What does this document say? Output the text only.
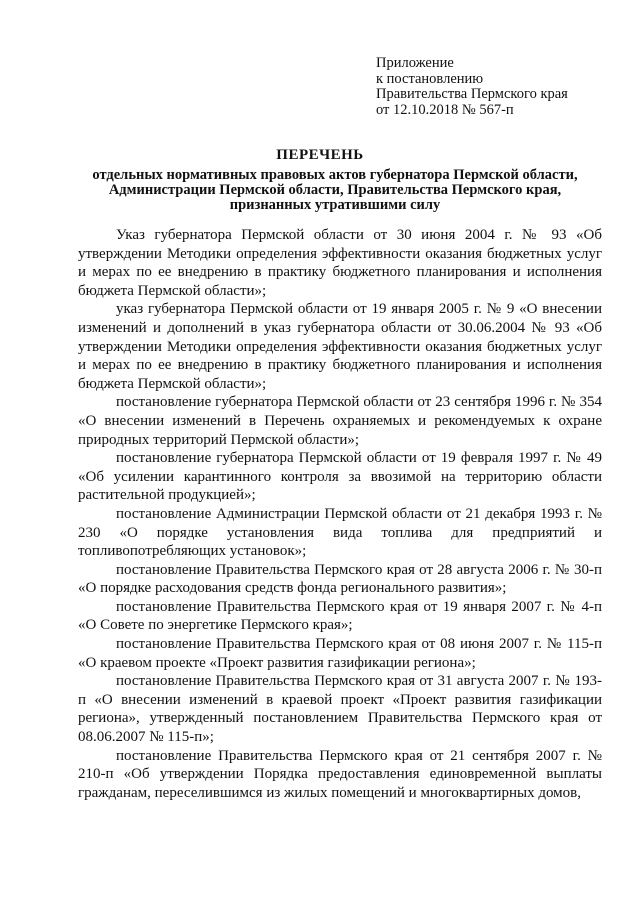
Приложение
к постановлению
Правительства Пермского края
от 12.10.2018 № 567-п
ПЕРЕЧЕНЬ
отдельных нормативных правовых актов губернатора Пермской области,
Администрации Пермской области, Правительства Пермского края,
признанных утратившими силу

Указ губернатора Пермской области от 30 июня 2004 г. № 93 «Об утверждении Методики определения эффективности оказания бюджетных услуг и мерах по ее внедрению в практику бюджетного планирования и исполнения бюджета Пермской области»;

указ губернатора Пермской области от 19 января 2005 г. № 9 «О внесении изменений и дополнений в указ губернатора области от 30.06.2004 № 93 «Об утверждении Методики определения эффективности оказания бюджетных услуг и мерах по ее внедрению в практику бюджетного планирования и исполнения бюджета Пермской области»;

постановление губернатора Пермской области от 23 сентября 1996 г. № 354 «О внесении изменений в Перечень охраняемых и рекомендуемых к охране природных территорий Пермской области»;

постановление губернатора Пермской области от 19 февраля 1997 г. № 49 «Об усилении карантинного контроля за ввозимой на территорию области растительной продукцией»;

постановление Администрации Пермской области от 21 декабря 1993 г. № 230 «О порядке установления вида топлива для предприятий и топливопотребляющих установок»;

постановление Правительства Пермского края от 28 августа 2006 г. № 30-п «О порядке расходования средств фонда регионального развития»;

постановление Правительства Пермского края от 19 января 2007 г. № 4-п «О Совете по энергетике Пермского края»;

постановление Правительства Пермского края от 08 июня 2007 г. № 115-п «О краевом проекте «Проект развития газификации региона»;

постановление Правительства Пермского края от 31 августа 2007 г. № 193-п «О внесении изменений в краевой проект «Проект развития газификации региона», утвержденный постановлением Правительства Пермского края от 08.06.2007 № 115-п»;

постановление Правительства Пермского края от 21 сентября 2007 г. № 210-п «Об утверждении Порядка предоставления единовременной выплаты гражданам, переселившимся из жилых помещений и многоквартирных домов,
